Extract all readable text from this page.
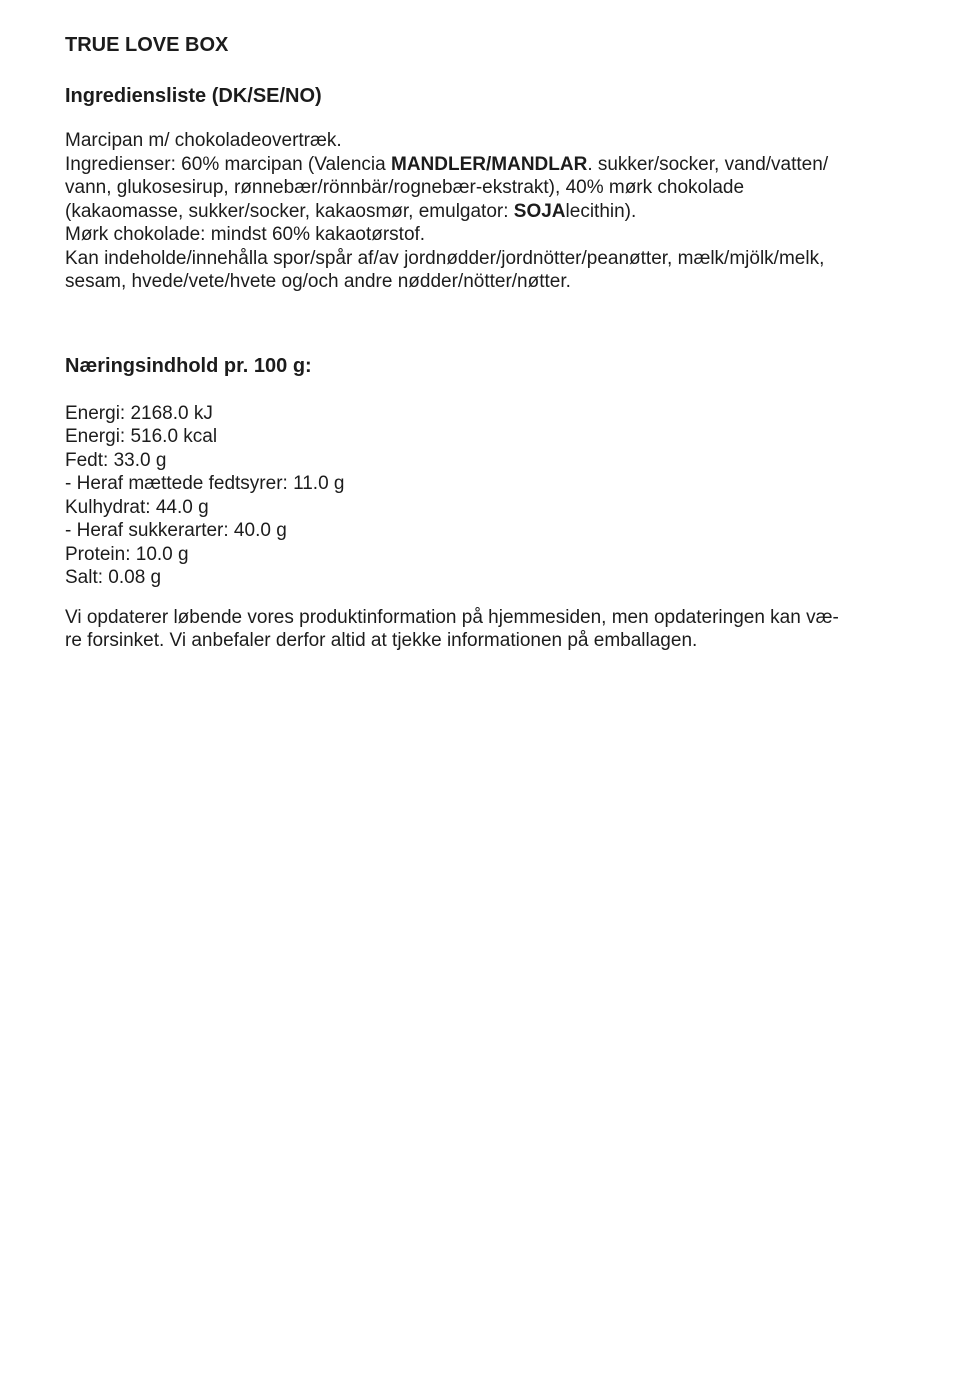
TRUE LOVE BOX
Ingrediensliste (DK/SE/NO)
Marcipan m/ chokoladeovertræk.
Ingredienser: 60% marcipan (Valencia MANDLER/MANDLAR. sukker/socker, vand/vatten/
vann, glukosesirup, rønnebær/rönnbär/rognebær-ekstrakt), 40% mørk chokolade
(kakaomasse, sukker/socker, kakaosmør, emulgator: SOJAlecithin).
Mørk chokolade: mindst 60% kakaotørstof.
Kan indeholde/innehålla spor/spår af/av jordnødder/jordnötter/peanøtter, mælk/mjölk/melk,
sesam, hvede/vete/hvete og/och andre nødder/nötter/nøtter.
Næringsindhold pr. 100 g:
Energi: 2168.0 kJ
Energi: 516.0 kcal
Fedt: 33.0 g
- Heraf mættede fedtsyrer: 11.0 g
Kulhydrat: 44.0 g
- Heraf sukkerarter: 40.0 g
Protein: 10.0 g
Salt: 0.08 g
Vi opdaterer løbende vores produktinformation på hjemmesiden, men opdateringen kan væ-
re forsinket. Vi anbefaler derfor altid at tjekke informationen på emballagen.
